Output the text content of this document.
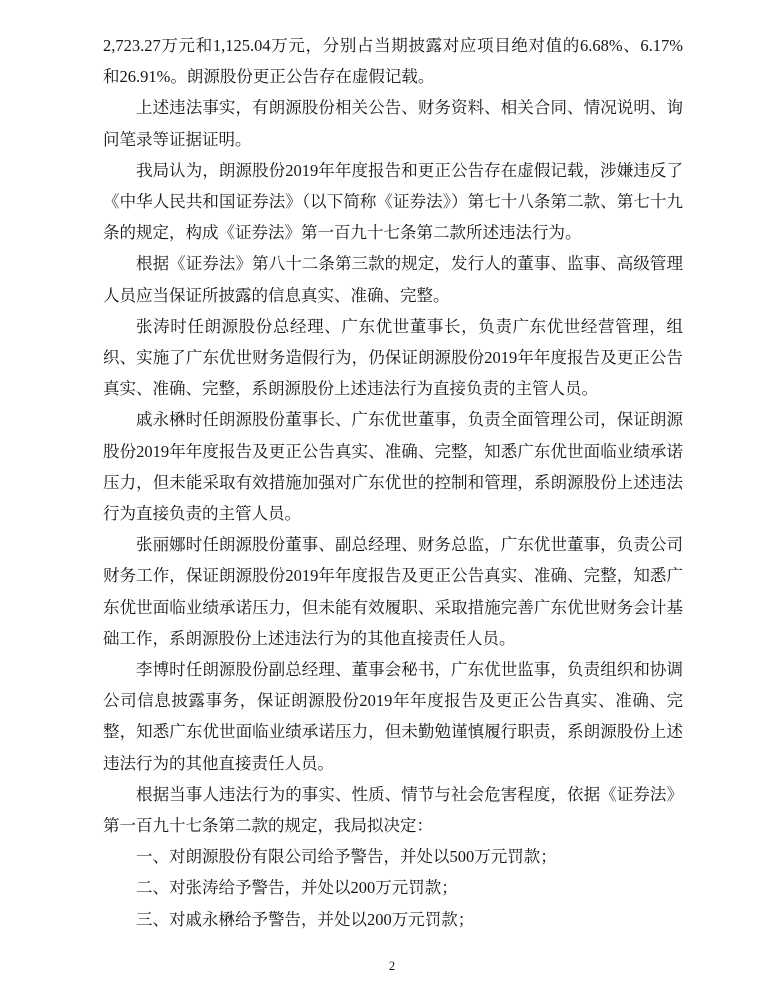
2,723.27万元和1,125.04万元，分别占当期披露对应项目绝对值的6.68%、6.17%和26.91%。朗源股份更正公告存在虚假记载。

上述违法事实，有朗源股份相关公告、财务资料、相关合同、情况说明、询问笔录等证据证明。

我局认为，朗源股份2019年年度报告和更正公告存在虚假记载，涉嫌违反了《中华人民共和国证券法》（以下简称《证券法》）第七十八条第二款、第七十九条的规定，构成《证券法》第一百九十七条第二款所述违法行为。

根据《证券法》第八十二条第三款的规定，发行人的董事、监事、高级管理人员应当保证所披露的信息真实、准确、完整。

张涛时任朗源股份总经理、广东优世董事长，负责广东优世经营管理，组织、实施了广东优世财务造假行为，仍保证朗源股份2019年年度报告及更正公告真实、准确、完整，系朗源股份上述违法行为直接负责的主管人员。

戚永楙时任朗源股份董事长、广东优世董事，负责全面管理公司，保证朗源股份2019年年度报告及更正公告真实、准确、完整，知悉广东优世面临业绩承诺压力，但未能采取有效措施加强对广东优世的控制和管理，系朗源股份上述违法行为直接负责的主管人员。

张丽娜时任朗源股份董事、副总经理、财务总监，广东优世董事，负责公司财务工作，保证朗源股份2019年年度报告及更正公告真实、准确、完整，知悉广东优世面临业绩承诺压力，但未能有效履职、采取措施完善广东优世财务会计基础工作，系朗源股份上述违法行为的其他直接责任人员。

李博时任朗源股份副总经理、董事会秘书，广东优世监事，负责组织和协调公司信息披露事务，保证朗源股份2019年年度报告及更正公告真实、准确、完整，知悉广东优世面临业绩承诺压力，但未勤勉谨慎履行职责，系朗源股份上述违法行为的其他直接责任人员。

根据当事人违法行为的事实、性质、情节与社会危害程度，依据《证券法》第一百九十七条第二款的规定，我局拟决定：

一、对朗源股份有限公司给予警告，并处以500万元罚款；

二、对张涛给予警告，并处以200万元罚款；

三、对戚永楙给予警告，并处以200万元罚款；

2
